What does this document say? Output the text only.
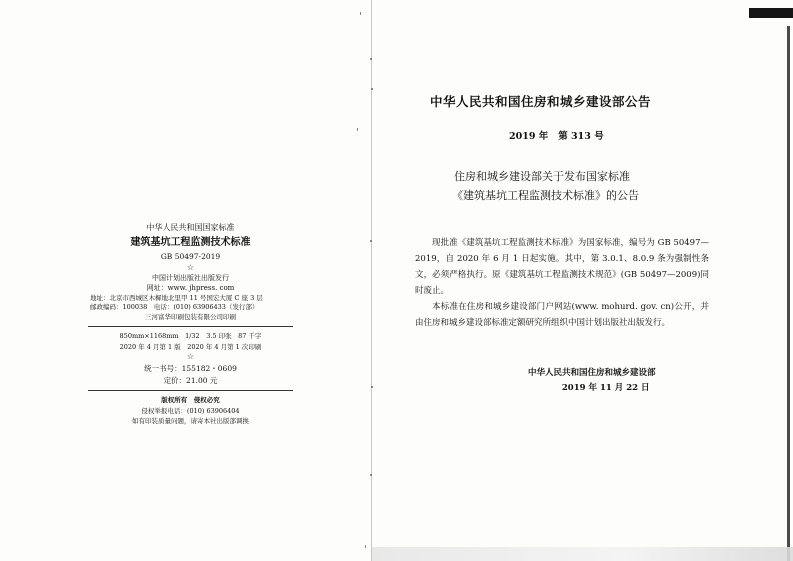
中华人民共和国国家标准
建筑基坑工程监测技术标准
GB 50497-2019
☆
中国计划出版社出版发行
网址：www. jhpress. com
地址：北京市西城区木樨地北里甲 11 号国宏大厦 C 座 3 层
邮政编码：100038　电话：(010) 63906433（发行部）
三河富华印刷包装有限公司印刷
850mm×1168mm　1/32　3.5 印张　87 千字
2020 年 4 月第 1 版　2020 年 4 月第 1 次印刷
☆
统一书号：155182・0609
定价：21.00 元
版权所有　侵权必究
侵权举报电话：(010) 63906404
如有印装质量问题，请寄本社出版部调换
中华人民共和国住房和城乡建设部公告
2019 年 第 313 号
住房和城乡建设部关于发布国家标准
《建筑基坑工程监测技术标准》的公告

现批准《建筑基坑工程监测技术标准》为国家标准，编号为 GB 50497—2019，自 2020 年 6 月 1 日起实施。其中，第 3.0.1、8.0.9 条为强制性条文，必须严格执行。原《建筑基坑工程监测技术规范》(GB 50497—2009)同时废止。

本标准在住房和城乡建设部门户网站(www. mohurd. gov. cn)公开，并由住房和城乡建设部标准定额研究所组织中国计划出版社出版发行。

中华人民共和国住房和城乡建设部
2019 年 11 月 22 日
